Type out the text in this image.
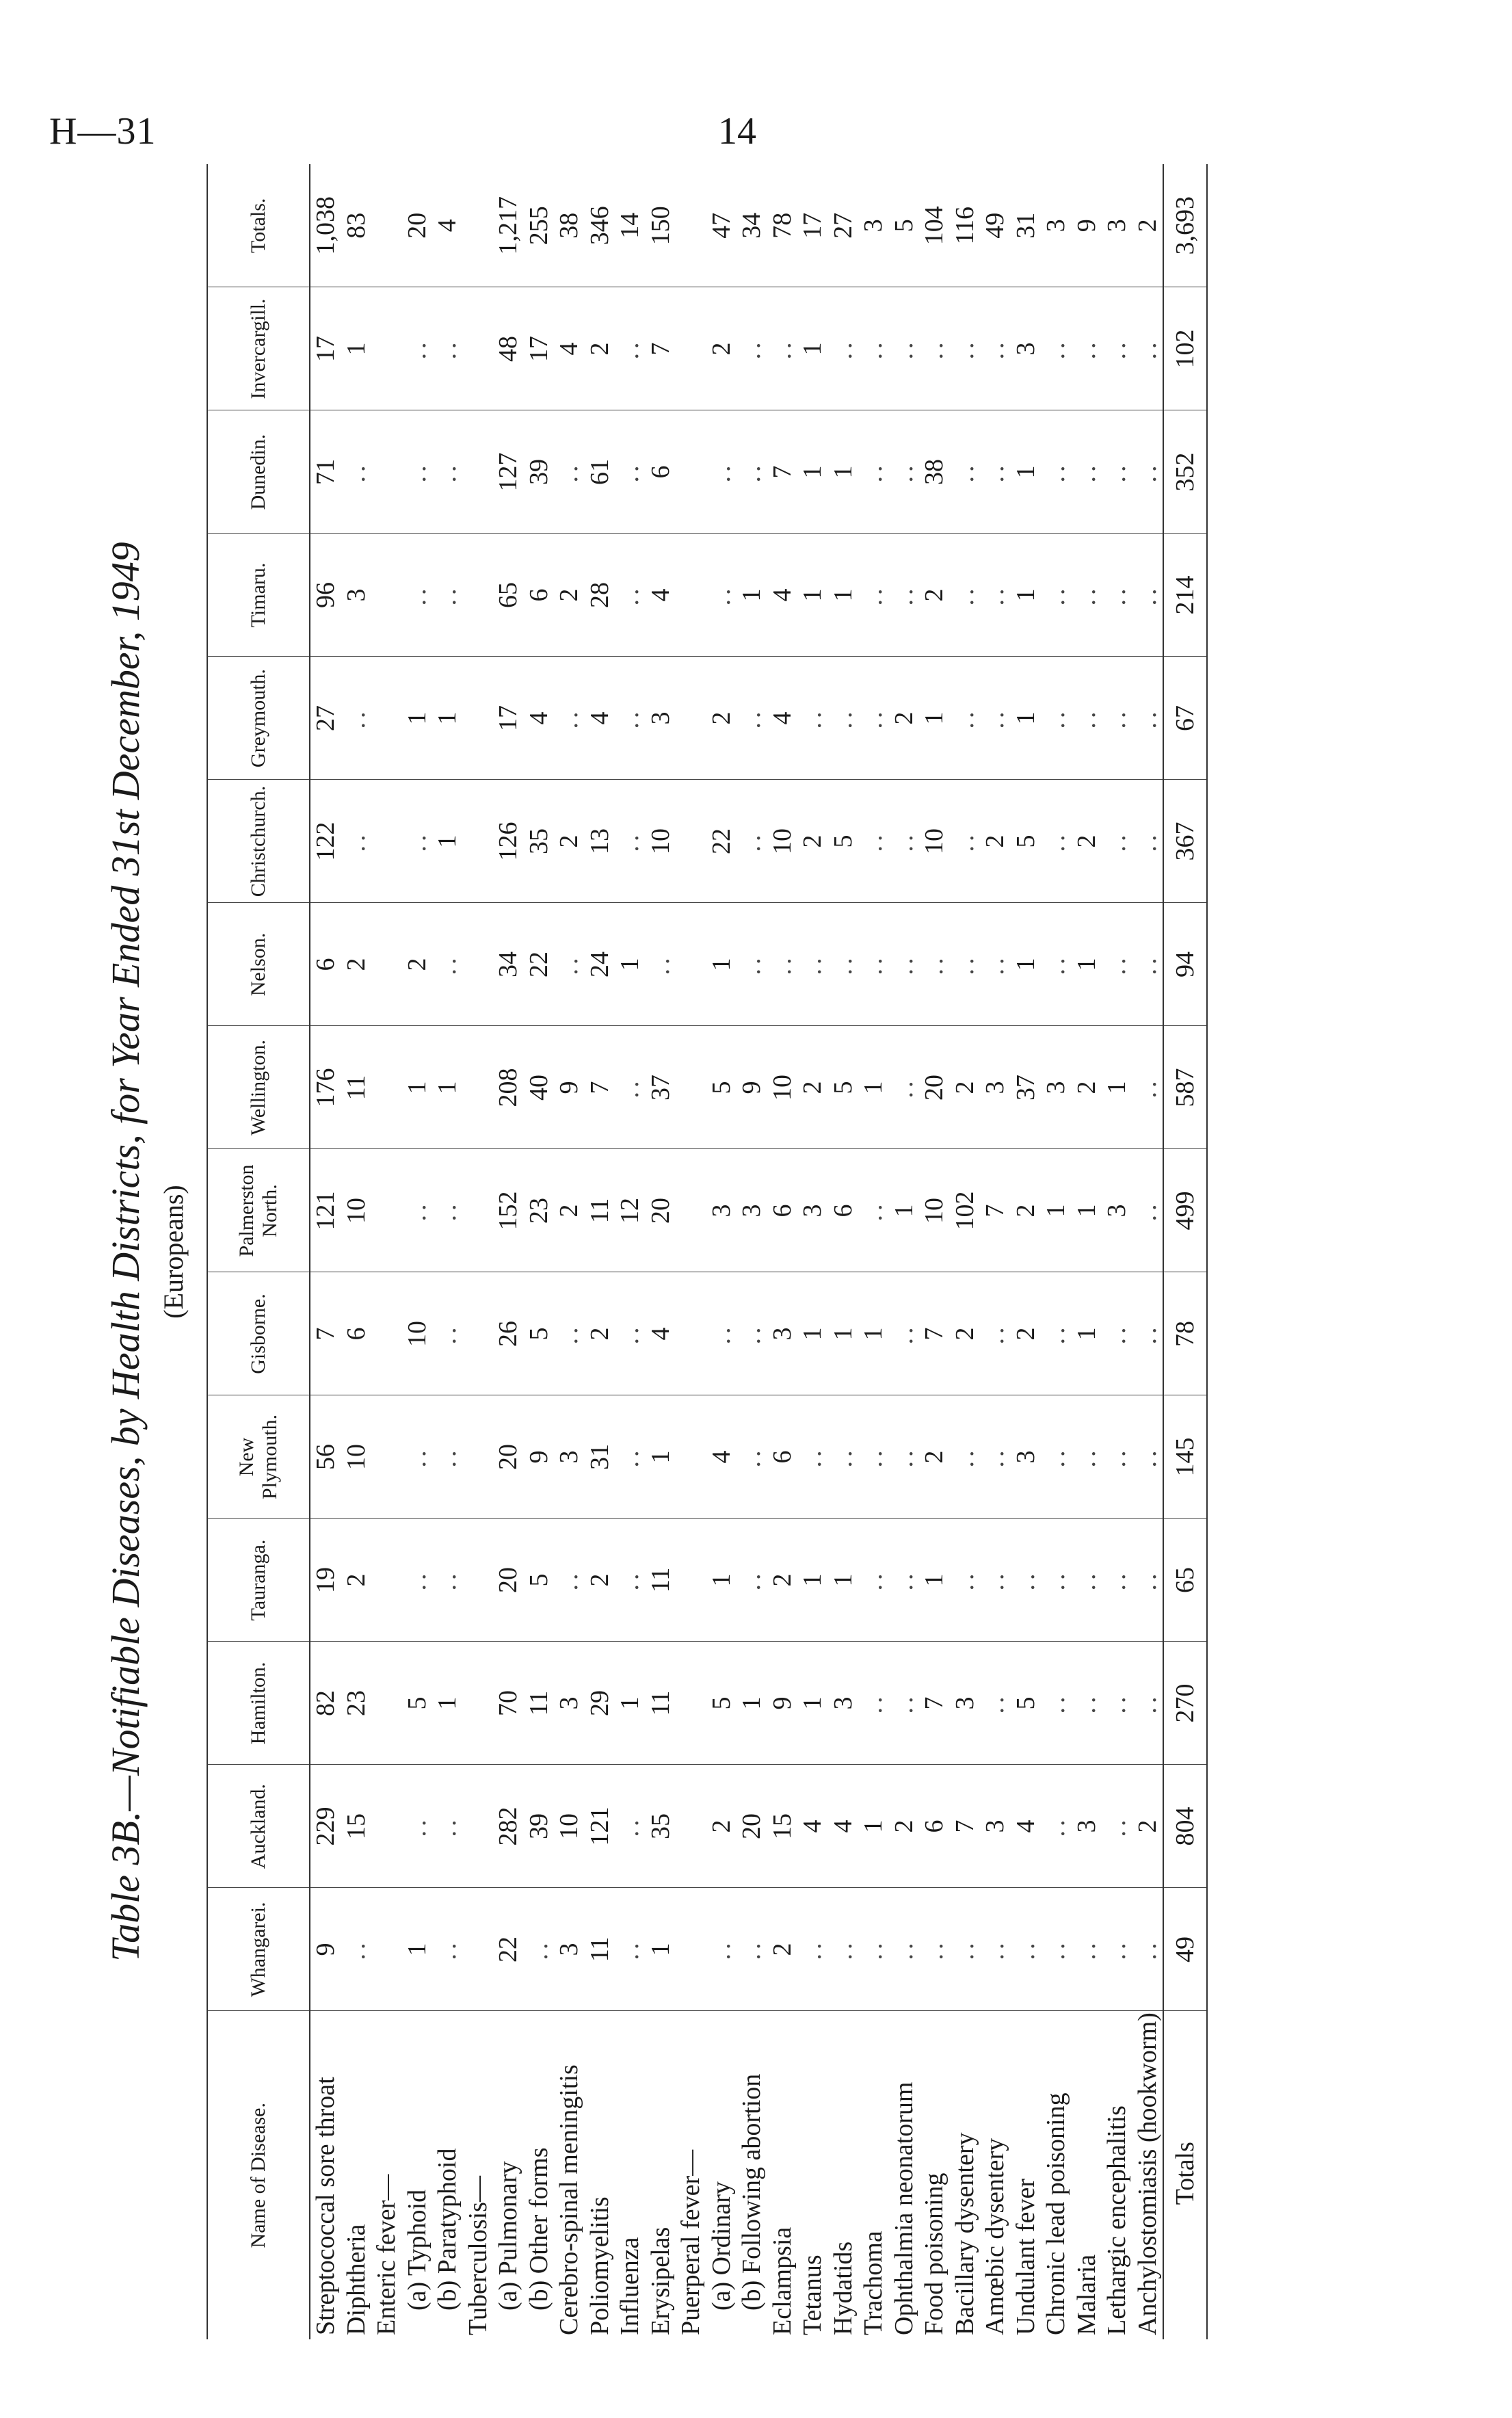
H—31	14
Table 3B.—Notifiable Diseases, by Health Districts, for Year Ended 31st December, 1949 (Europeans)
Name of Disease.	Whangarei.	Auckland.	Hamilton.	Tauranga.	New Plymouth.	Gisborne.	Palmerston North.	Wellington.	Nelson.	Christchurch.	Greymouth.	Timaru.	Dunedin.	Invercargill.	Totals.
Streptococcal sore throat	9	229	82	19	56	7	121	176	6	122	27	96	71	17	1,038
Diphtheria	..	15	23	2	10	6	10	11	2	..	..	3	..	1	83
Enteric fever—															
(a) Typhoid	1	..	5	..	..	10	..	1	2	..	1	..	..	..	20
(b) Paratyphoid	..	..	1	..	..	..	..	1	..	1	1	..	..	..	4
Tuberculosis—															
(a) Pulmonary	22	282	70	20	20	26	152	208	34	126	17	65	127	48	1,217
(b) Other forms	..	39	11	5	9	5	23	40	22	35	4	6	39	17	255
Cerebro-spinal meningitis	3	10	3	..	3	..	2	9	..	2	..	2	..	4	38
Poliomyelitis	11	121	29	2	31	2	11	7	24	13	4	28	61	2	346
Influenza	..	..	1	..	..	..	12	..	1	..	..	..	..	..	14
Erysipelas	1	35	11	11	1	4	20	37	..	10	3	4	6	7	150
Puerperal fever—															
(a) Ordinary	..	2	5	1	4	..	3	5	1	22	2	..	..	2	47
(b) Following abortion	..	20	1	..	..	..	3	9	..	..	..	1	..	..	34
Eclampsia	2	15	9	2	6	3	6	10	..	10	4	4	7	..	78
Tetanus	..	4	1	1	..	1	3	2	..	2	..	1	1	1	17
Hydatids	..	4	3	1	..	1	6	5	..	5	..	1	1	..	27
Trachoma	..	1	..	..	..	1	..	1	..	..	..	..	..	..	3
Ophthalmia neonatorum	..	2	..	..	..	..	1	..	..	..	2	..	..	..	5
Food poisoning	..	6	7	1	2	7	10	20	..	10	1	2	38	..	104
Bacillary dysentery	..	7	3	..	..	2	102	2	..	..	..	..	..	..	116
Amœbic dysentery	..	3	..	..	..	..	7	3	..	2	..	..	..	..	49
Undulant fever	..	4	5	..	3	2	2	37	1	5	1	1	1	3	31
Chronic lead poisoning	..	..	..	..	..	..	1	3	..	..	..	..	..	..	3
Malaria	..	3	..	..	..	1	1	2	1	2	..	..	..	..	9
Lethargic encephalitis	..	..	..	..	..	..	3	1	..	..	..	..	..	..	3
Anchylostomiasis (hookworm)	..	2	..	..	..	..	..	..	..	..	..	..	..	..	2
Totals	49	804	270	65	145	78	499	587	94	367	67	214	352	102	3,693
